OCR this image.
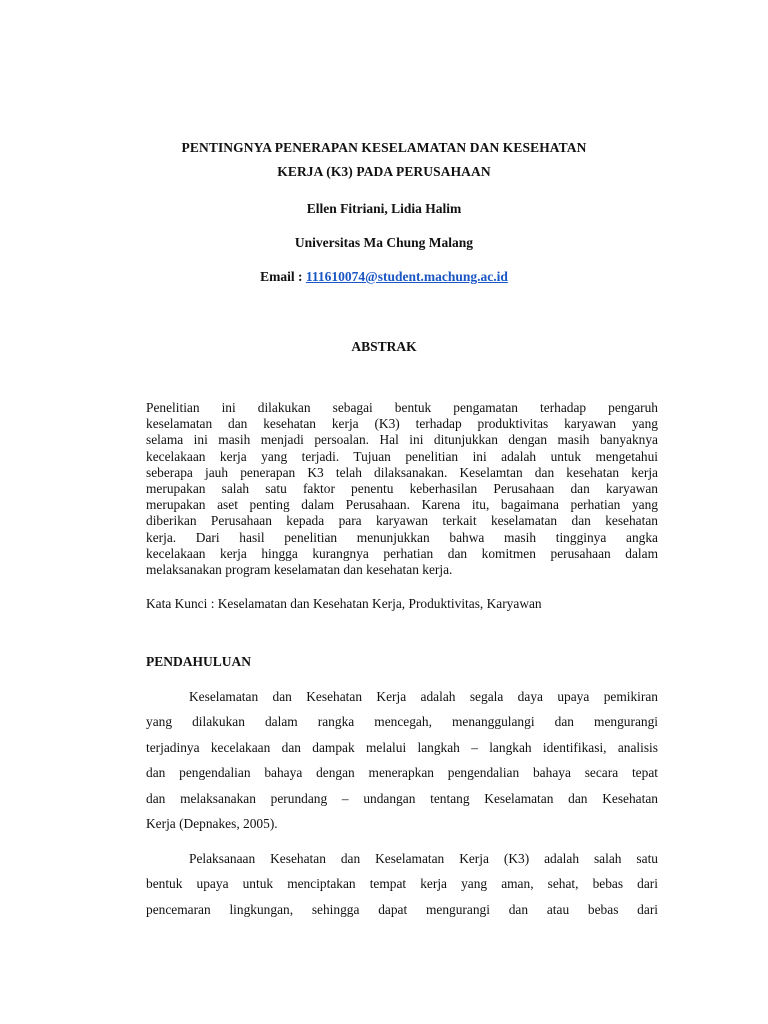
PENTINGNYA PENERAPAN KESELAMATAN DAN KESEHATAN
KERJA (K3) PADA PERUSAHAAN
Ellen Fitriani, Lidia Halim
Universitas Ma Chung Malang
Email : 111610074@student.machung.ac.id
ABSTRAK
Penelitian ini dilakukan sebagai bentuk pengamatan terhadap pengaruh
keselamatan dan kesehatan kerja (K3) terhadap produktivitas karyawan yang
selama ini masih menjadi persoalan. Hal ini ditunjukkan dengan masih banyaknya
kecelakaan kerja yang terjadi. Tujuan penelitian ini adalah untuk mengetahui
seberapa jauh penerapan K3 telah dilaksanakan. Keselamtan dan kesehatan kerja
merupakan salah satu faktor penentu keberhasilan Perusahaan dan karyawan
merupakan aset penting dalam Perusahaan. Karena itu, bagaimana perhatian yang
diberikan Perusahaan kepada para karyawan terkait keselamatan dan kesehatan
kerja. Dari hasil penelitian menunjukkan bahwa masih tingginya angka
kecelakaan kerja hingga kurangnya perhatian dan komitmen perusahaan dalam
melaksanakan program keselamatan dan kesehatan kerja.

Kata Kunci : Keselamatan dan Kesehatan Kerja, Produktivitas, Karyawan

PENDAHULUAN

Keselamatan dan Kesehatan Kerja adalah segala daya upaya pemikiran
yang dilakukan dalam rangka mencegah, menanggulangi dan mengurangi
terjadinya kecelakaan dan dampak melalui langkah – langkah identifikasi, analisis
dan pengendalian bahaya dengan menerapkan pengendalian bahaya secara tepat
dan melaksanakan perundang – undangan tentang Keselamatan dan Kesehatan
Kerja (Depnakes, 2005).
Pelaksanaan Kesehatan dan Keselamatan Kerja (K3) adalah salah satu
bentuk upaya untuk menciptakan tempat kerja yang aman, sehat, bebas dari
pencemaran lingkungan, sehingga dapat mengurangi dan atau bebas dari
